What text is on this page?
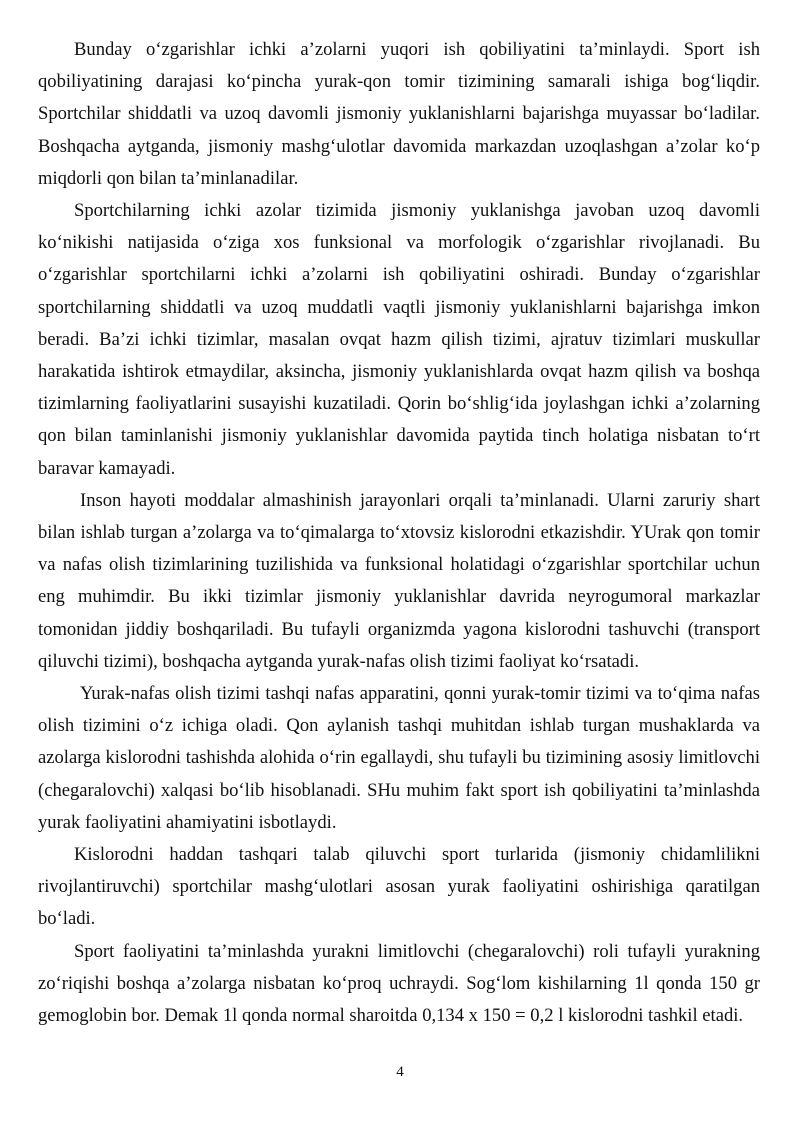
Bunday o‘zgarishlar ichki a’zolarni yuqori ish qobiliyatini ta’minlaydi. Sport ish qobiliyatining darajasi ko‘pincha yurak-qon tomir tizimining samarali ishiga bog‘liqdir. Sportchilar shiddatli va uzoq davomli jismoniy yuklanishlarni bajarishga muyassar bo‘ladilar. Boshqacha aytganda, jismoniy mashg‘ulotlar davomida markazdan uzoqlashgan a’zolar ko‘p miqdorli qon bilan ta’minlanadilar.

Sportchilarning ichki azolar tizimida jismoniy yuklanishga javoban uzoq davomli ko‘nikishi natijasida o‘ziga xos funksional va morfologik o‘zgarishlar rivojlanadi. Bu o‘zgarishlar sportchilarni ichki a’zolarni ish qobiliyatini oshiradi. Bunday o‘zgarishlar sportchilarning shiddatli va uzoq muddatli vaqtli jismoniy yuklanishlarni bajarishga imkon beradi. Ba’zi ichki tizimlar, masalan ovqat hazm qilish tizimi, ajratuv tizimlari muskullar harakatida ishtirok etmaydilar, aksincha, jismoniy yuklanishlarda ovqat hazm qilish va boshqa tizimlarning faoliyatlarini susayishi kuzatiladi. Qorin bo‘shlig‘ida joylashgan ichki a’zolarning qon bilan taminlanishi jismoniy yuklanishlar davomida paytida tinch holatiga nisbatan to‘rt baravar kamayadi.

Inson hayoti moddalar almashinish jarayonlari orqali ta’minlanadi. Ularni zaruriy shart bilan ishlab turgan a’zolarga va to‘qimalarga to‘xtovsiz kislorodni etkazishdir. YUrak qon tomir va nafas olish tizimlarining tuzilishida va funksional holatidagi o‘zgarishlar sportchilar uchun eng muhimdir. Bu ikki tizimlar jismoniy yuklanishlar davrida neyrogumoral markazlar tomonidan jiddiy boshqariladi. Bu tufayli organizmda yagona kislorodni tashuvchi (transport qiluvchi tizimi), boshqacha aytganda yurak-nafas olish tizimi faoliyat ko‘rsatadi.

Yurak-nafas olish tizimi tashqi nafas apparatini, qonni yurak-tomir tizimi va to‘qima nafas olish tizimini o‘z ichiga oladi. Qon aylanish tashqi muhitdan ishlab turgan mushaklarda va azolarga kislorodni tashishda alohida o‘rin egallaydi, shu tufayli bu tizimining asosiy limitlovchi (chegaralovchi) xalqasi bo‘lib hisoblanadi. SHu muhim fakt sport ish qobiliyatini ta’minlashda yurak faoliyatini ahamiyatini isbotlaydi.

Kislorodni haddan tashqari talab qiluvchi sport turlarida (jismoniy chidamlilikni rivojlantiruvchi) sportchilar mashg‘ulotlari asosan yurak faoliyatini oshirishiga qaratilgan bo‘ladi.

Sport faoliyatini ta’minlashda yurakni limitlovchi (chegaralovchi) roli tufayli yurakning zo‘riqishi boshqa a’zolarga nisbatan ko‘proq uchraydi. Sog‘lom kishilarning 1l qonda 150 gr gemoglobin bor. Demak 1l qonda normal sharoitda 0,134 x 150 = 0,2 l kislorodni tashkil etadi.

4
